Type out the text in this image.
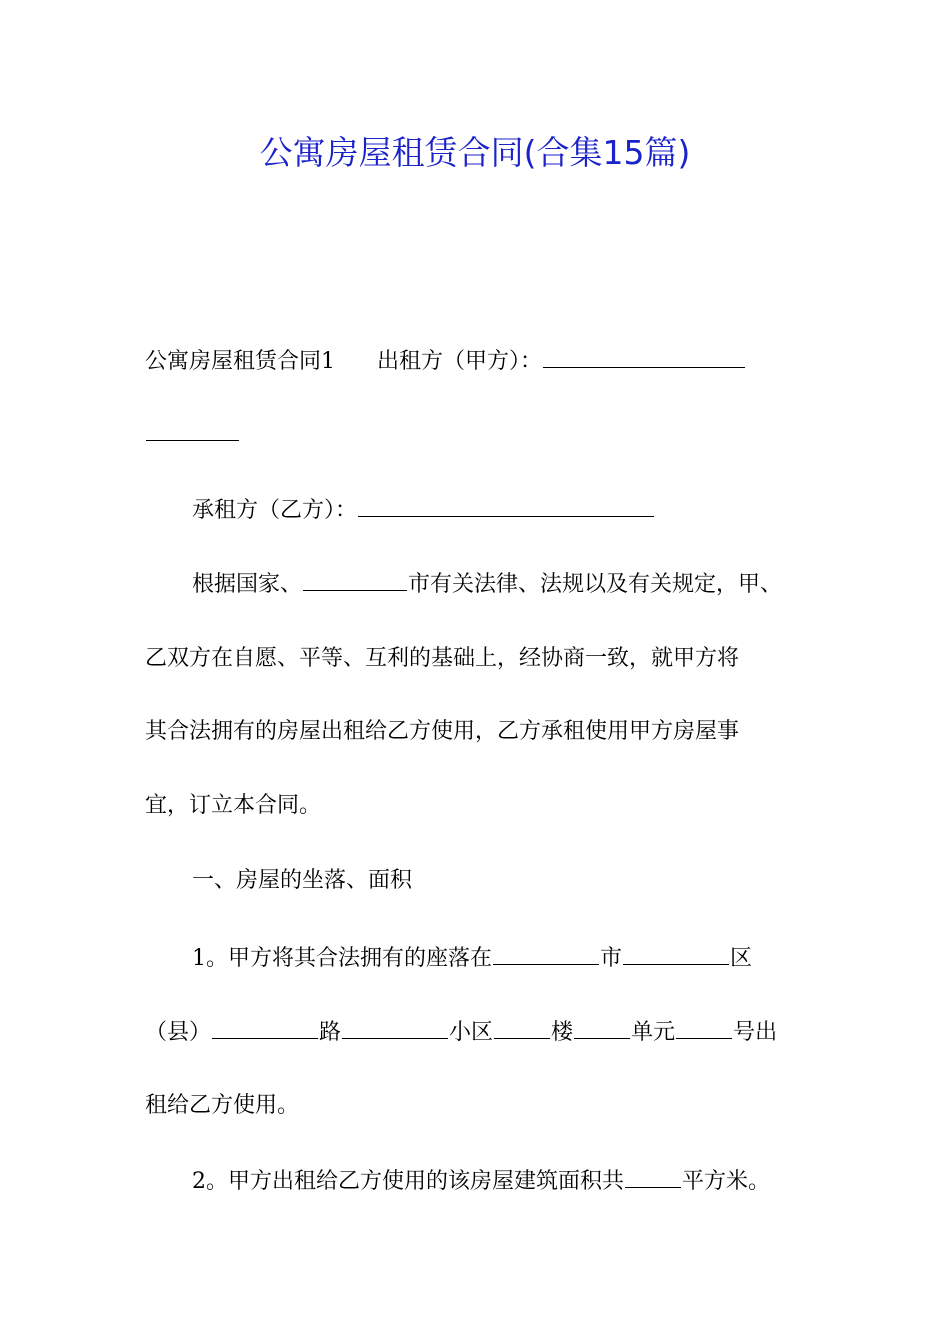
公寓房屋租赁合同(合集15篇)
公寓房屋租赁合同1 出租方（甲方）：
承租方（乙方）：
根据国家、	市有关法律、法规以及有关规定，甲、
乙双方在自愿、平等、互利的基础上，经协商一致，就甲方将
其合法拥有的房屋出租给乙方使用，乙方承租使用甲方房屋事
宜，订立本合同。
一、房屋的坐落、面积
1。甲方将其合法拥有的座落在	市	区
（县）	路	小区	楼	单元	号出
租给乙方使用。
2。甲方出租给乙方使用的该房屋建筑面积共	平方米。
